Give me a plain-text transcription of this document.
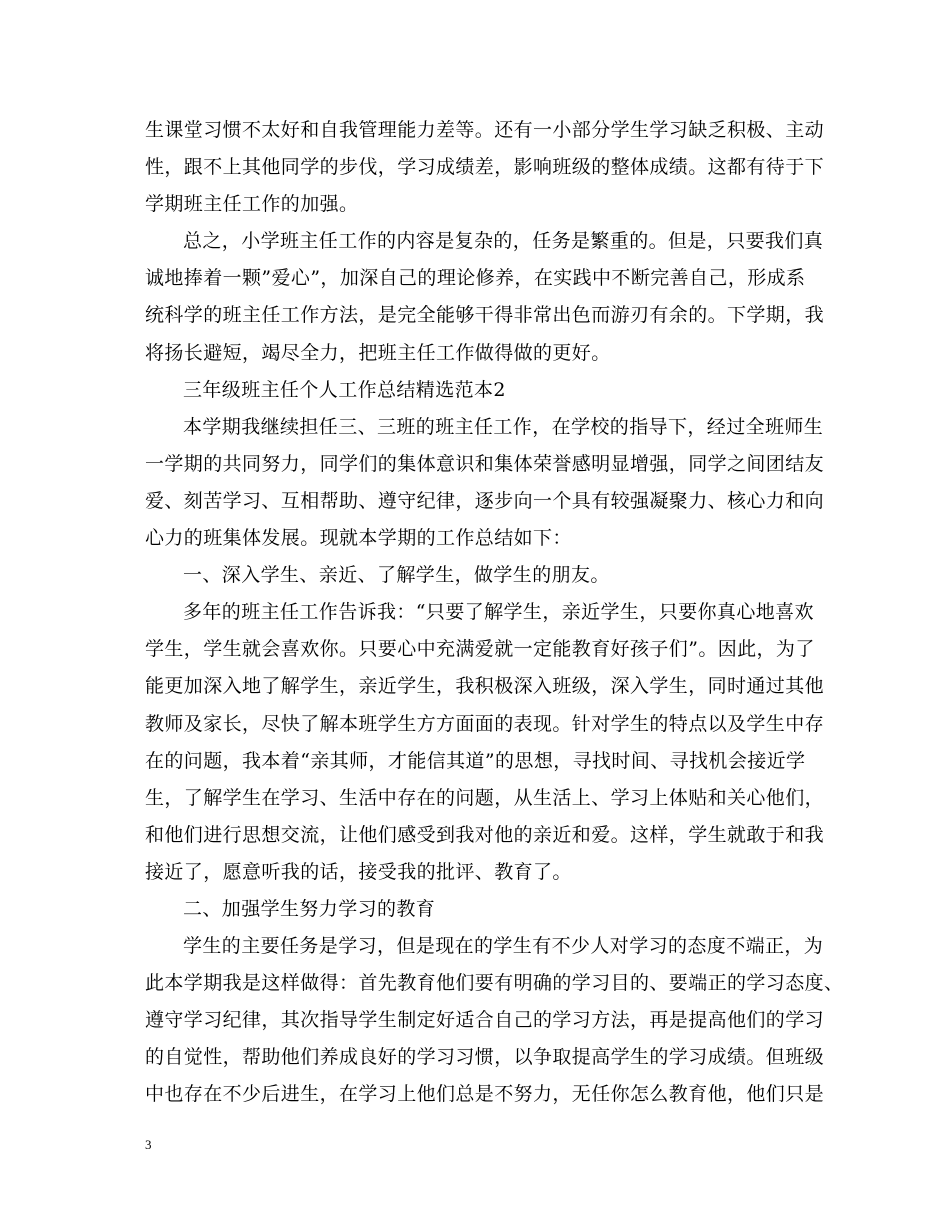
生课堂习惯不太好和自我管理能力差等。还有一小部分学生学习缺乏积极、主动
性，跟不上其他同学的步伐，学习成绩差，影响班级的整体成绩。这都有待于下
学期班主任工作的加强。
总之，小学班主任工作的内容是复杂的，任务是繁重的。但是，只要我们真
诚地捧着一颗”爱心”，加深自己的理论修养，在实践中不断完善自己，形成系
统科学的班主任工作方法，是完全能够干得非常出色而游刃有余的。下学期，我
将扬长避短，竭尽全力，把班主任工作做得做的更好。
三年级班主任个人工作总结精选范本2
本学期我继续担任三、三班的班主任工作，在学校的指导下，经过全班师生
一学期的共同努力，同学们的集体意识和集体荣誉感明显增强，同学之间团结友
爱、刻苦学习、互相帮助、遵守纪律，逐步向一个具有较强凝聚力、核心力和向
心力的班集体发展。现就本学期的工作总结如下：
一、深入学生、亲近、了解学生，做学生的朋友。
多年的班主任工作告诉我：“只要了解学生，亲近学生，只要你真心地喜欢
学生，学生就会喜欢你。只要心中充满爱就一定能教育好孩子们”。因此，为了
能更加深入地了解学生，亲近学生，我积极深入班级，深入学生，同时通过其他
教师及家长，尽快了解本班学生方方面面的表现。针对学生的特点以及学生中存
在的问题，我本着“亲其师，才能信其道”的思想，寻找时间、寻找机会接近学
生，了解学生在学习、生活中存在的问题，从生活上、学习上体贴和关心他们，
和他们进行思想交流，让他们感受到我对他的亲近和爱。这样，学生就敢于和我
接近了，愿意听我的话，接受我的批评、教育了。
二、加强学生努力学习的教育
学生的主要任务是学习，但是现在的学生有不少人对学习的态度不端正，为
此本学期我是这样做得：首先教育他们要有明确的学习目的、要端正的学习态度、
遵守学习纪律，其次指导学生制定好适合自己的学习方法，再是提高他们的学习
的自觉性，帮助他们养成良好的学习习惯，以争取提高学生的学习成绩。但班级
中也存在不少后进生，在学习上他们总是不努力，无任你怎么教育他，他们只是
3
